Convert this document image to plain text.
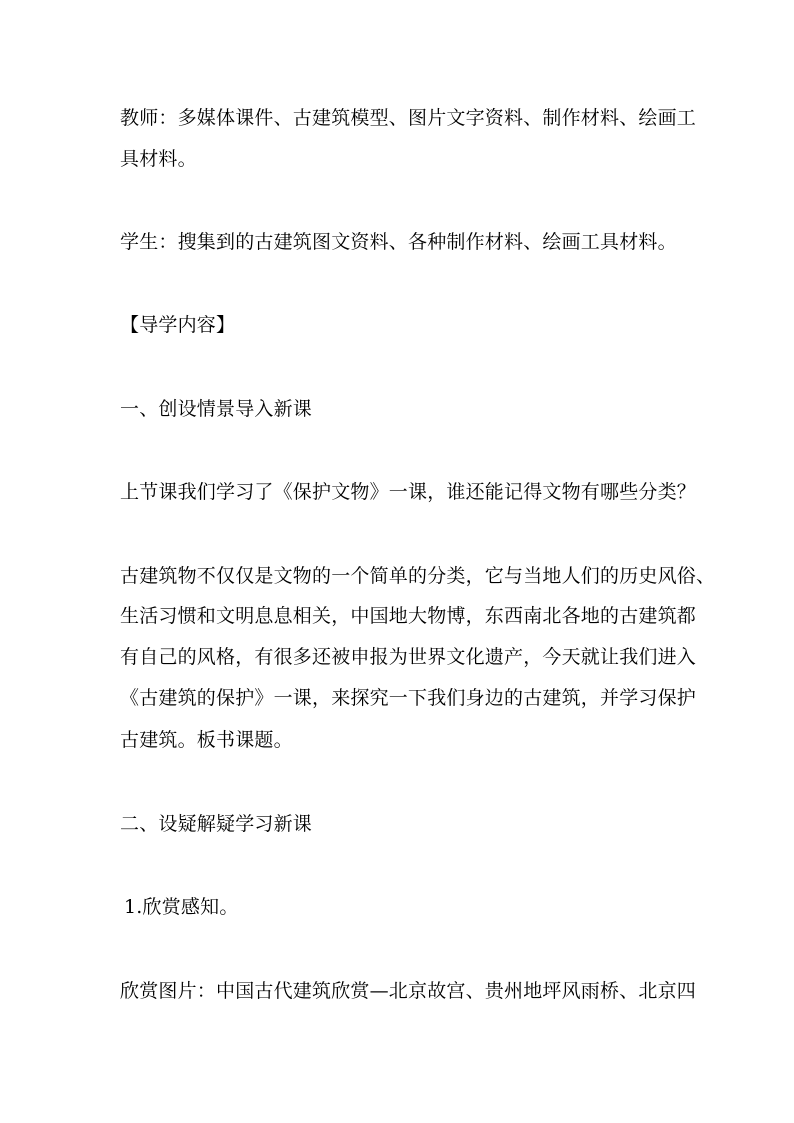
教师：多媒体课件、古建筑模型、图片文字资料、制作材料、绘画工
具材料。
学生：搜集到的古建筑图文资料、各种制作材料、绘画工具材料。
【导学内容】
一、创设情景导入新课
上节课我们学习了《保护文物》一课，谁还能记得文物有哪些分类？
古建筑物不仅仅是文物的一个简单的分类，它与当地人们的历史风俗、
生活习惯和文明息息相关，中国地大物博，东西南北各地的古建筑都
有自己的风格，有很多还被申报为世界文化遗产，今天就让我们进入
《古建筑的保护》一课，来探究一下我们身边的古建筑，并学习保护
古建筑。板书课题。
二、设疑解疑学习新课
1.欣赏感知。
欣赏图片：中国古代建筑欣赏—北京故宫、贵州地坪风雨桥、北京四
